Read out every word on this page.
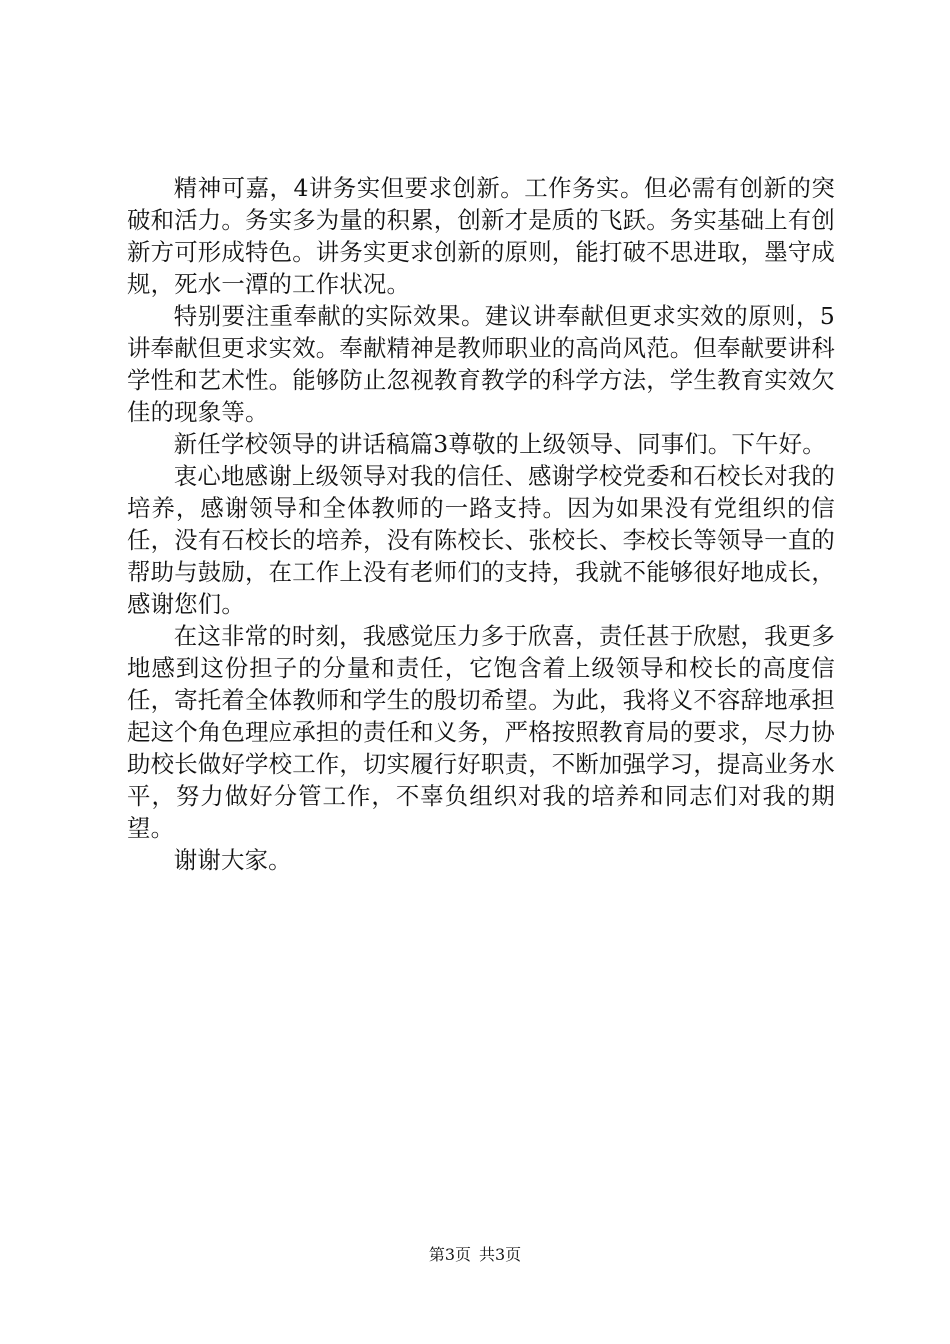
精神可嘉，4讲务实但要求创新。工作务实。但必需有创新的突破和活力。务实多为量的积累，创新才是质的飞跃。务实基础上有创新方可形成特色。讲务实更求创新的原则，能打破不思进取，墨守成规，死水一潭的工作状况。

特别要注重奉献的实际效果。建议讲奉献但更求实效的原则，5讲奉献但更求实效。奉献精神是教师职业的高尚风范。但奉献要讲科学性和艺术性。能够防止忽视教育教学的科学方法，学生教育实效欠佳的现象等。

新任学校领导的讲话稿篇3尊敬的上级领导、同事们。下午好。

衷心地感谢上级领导对我的信任、感谢学校党委和石校长对我的培养，感谢领导和全体教师的一路支持。因为如果没有党组织的信任，没有石校长的培养，没有陈校长、张校长、李校长等领导一直的帮助与鼓励，在工作上没有老师们的支持，我就不能够很好地成长，感谢您们。

在这非常的时刻，我感觉压力多于欣喜，责任甚于欣慰，我更多地感到这份担子的分量和责任，它饱含着上级领导和校长的高度信任，寄托着全体教师和学生的殷切希望。为此，我将义不容辞地承担起这个角色理应承担的责任和义务，严格按照教育局的要求，尽力协助校长做好学校工作，切实履行好职责，不断加强学习，提高业务水平，努力做好分管工作，不辜负组织对我的培养和同志们对我的期望。

谢谢大家。

第3页 共3页
